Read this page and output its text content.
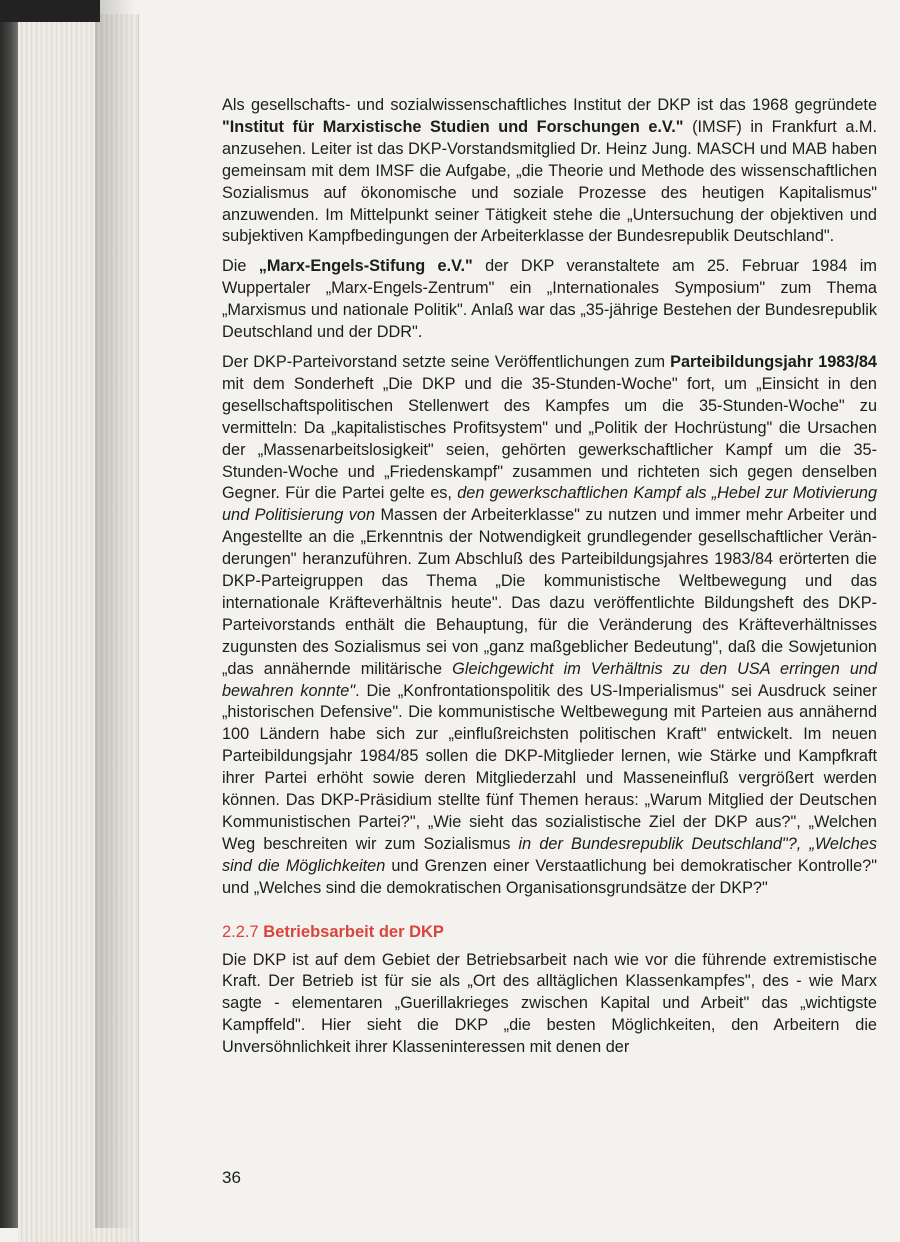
Als gesellschafts- und sozialwissenschaftliches Institut der DKP ist das 1968 gegründete "Institut für Marxistische Studien und Forschungen e.V." (IMSF) in Frankfurt a.M. anzusehen. Leiter ist das DKP-Vorstandsmitglied Dr. Heinz Jung. MASCH und MAB haben gemeinsam mit dem IMSF die Aufgabe, „die Theorie und Methode des wissenschaftlichen Sozialismus auf ökonomische und soziale Prozesse des heutigen Kapitalismus" anzuwenden. Im Mittelpunkt seiner Tätigkeit stehe die „Untersuchung der objektiven und subjektiven Kampfbedingungen der Arbeiterklasse der Bundesrepublik Deutschland".

Die „Marx-Engels-Stifung e.V." der DKP veranstaltete am 25. Februar 1984 im Wuppertaler „Marx-Engels-Zentrum" ein „Internationales Symposium" zum Thema „Marxismus und nationale Politik". Anlaß war das „35-jährige Bestehen der Bundesrepublik Deutschland und der DDR".

Der DKP-Parteivorstand setzte seine Veröffentlichungen zum Parteibildungsjahr 1983/84 mit dem Sonderheft „Die DKP und die 35-Stunden-Woche" fort, um „Einsicht in den gesellschaftspolitischen Stellenwert des Kampfes um die 35-Stunden-Woche" zu vermitteln: Da „kapitalistisches Profitsystem" und „Politik der Hochrüstung" die Ursachen der „Massenarbeitslosigkeit" seien, gehörten gewerkschaftlicher Kampf um die 35-Stunden-Woche und „Friedenskampf" zusammen und richteten sich gegen denselben Gegner. Für die Partei gelte es, den gewerkschaftlichen Kampf als „Hebel zur Motivierung und Politisierung von Massen der Arbeiterklasse" zu nutzen und immer mehr Arbeiter und Angestellte an die „Erkenntnis der Notwendigkeit grundlegender gesellschaftlicher Veränderungen" heranzuführen. Zum Abschluß des Parteibildungsjahres 1983/84 erörterten die DKP-Parteigruppen das Thema „Die kommunistische Weltbewegung und das internationale Kräfteverhältnis heute". Das dazu veröffentlichte Bildungsheft des DKP-Parteivorstands enthält die Behauptung, für die Veränderung des Kräfteverhältnisses zugunsten des Sozialismus sei von „ganz maßgeblicher Bedeutung", daß die Sowjetunion „das annähernde militärische Gleichgewicht im Verhältnis zu den USA erringen und bewahren konnte". Die „Konfrontationspolitik des US-Imperialismus" sei Ausdruck seiner „historischen Defensive". Die kommunistische Weltbewegung mit Parteien aus annähernd 100 Ländern habe sich zur „einflußreichsten politischen Kraft" entwickelt. Im neuen Parteibildungsjahr 1984/85 sollen die DKP-Mitglieder lernen, wie Stärke und Kampfkraft ihrer Partei erhöht sowie deren Mitgliederzahl und Masseneinfluß vergrößert werden können. Das DKP-Präsidium stellte fünf Themen heraus: „Warum Mitglied der Deutschen Kommunistischen Partei?", „Wie sieht das sozialistische Ziel der DKP aus?", „Welchen Weg beschreiten wir zum Sozialismus in der Bundesrepublik Deutschland"?, „Welches sind die Möglichkeiten und Grenzen einer Verstaatlichung bei demokratischer Kontrolle?" und „Welches sind die demokratischen Organisationsgrundsätze der DKP?"

2.2.7 Betriebsarbeit der DKP

Die DKP ist auf dem Gebiet der Betriebsarbeit nach wie vor die führende extremistische Kraft. Der Betrieb ist für sie als „Ort des alltäglichen Klassenkampfes", des - wie Marx sagte - elementaren „Guerillakrieges zwischen Kapital und Arbeit" das „wichtigste Kampffeld". Hier sieht die DKP „die besten Möglichkeiten, den Arbeitern die Unversöhnlichkeit ihrer Klasseninteressen mit denen der

36
